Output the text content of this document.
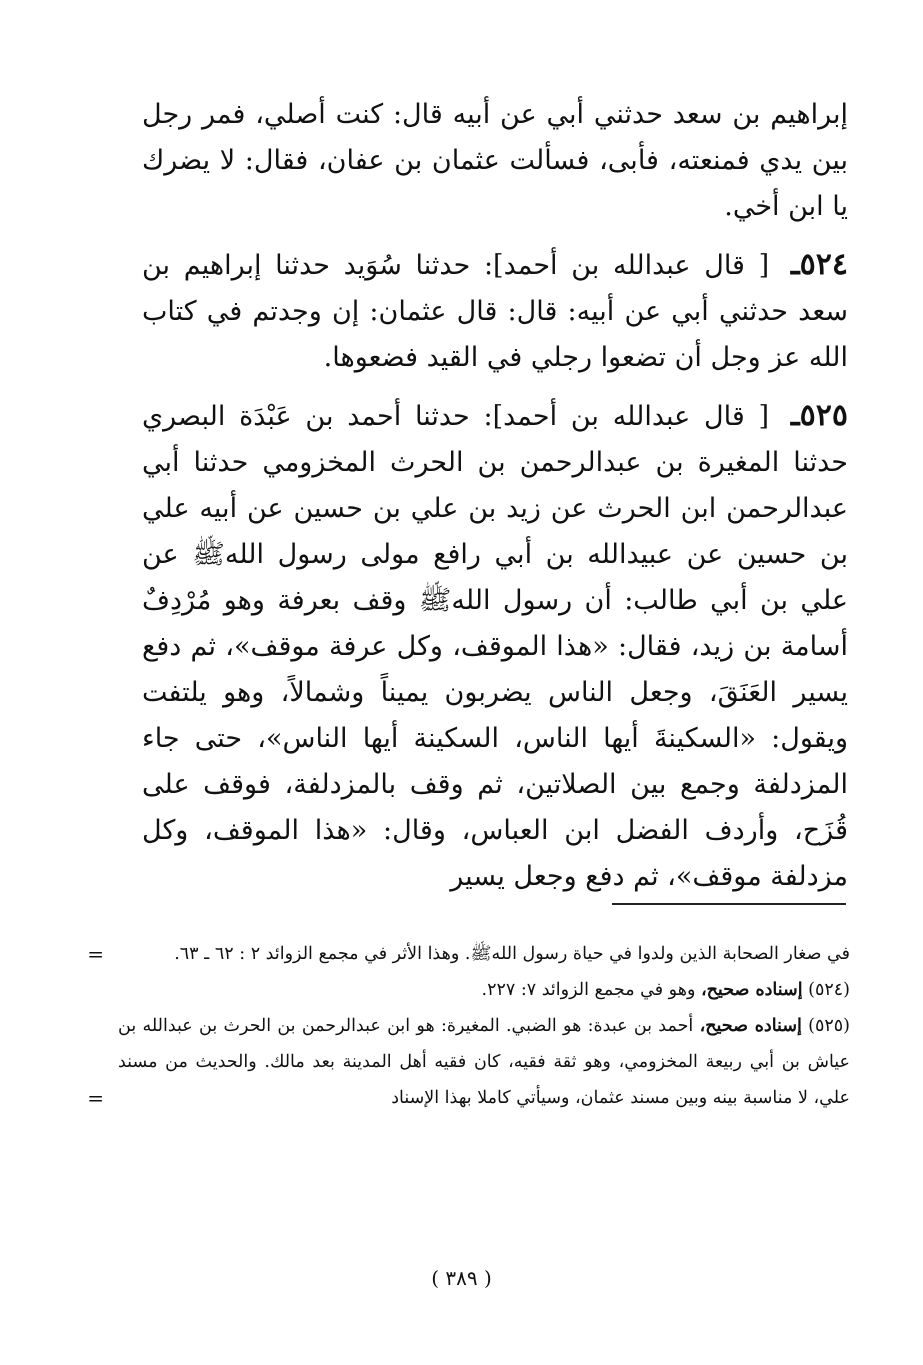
إبراهيم بن سعد حدثني أبي عن أبيه قال: كنت أصلي، فمر رجل بين يدي فمنعته، فأبى، فسألت عثمان بن عفان، فقال: لا يضرك يا ابن أخي.

٥٢٤ـ [ قال عبدالله بن أحمد]: حدثنا سُوَيد حدثنا إبراهيم بن سعد حدثني أبي عن أبيه: قال: قال عثمان: إن وجدتم في كتاب الله عز وجل أن تضعوا رجلي في القيد فضعوها.

٥٢٥ـ [ قال عبدالله بن أحمد]: حدثنا أحمد بن عَبْدَة البصري حدثنا المغيرة بن عبدالرحمن بن الحرث المخزومي حدثنا أبي عبدالرحمن ابن الحرث عن زيد بن علي بن حسين عن أبيه علي بن حسين عن عبيدالله بن أبي رافع مولى رسول اللهﷺ عن علي بن أبي طالب: أن رسول اللهﷺ وقف بعرفة وهو مُرْدِفٌ أسامة بن زيد، فقال: «هذا الموقف، وكل عرفة موقف»، ثم دفع يسير العَنَقَ، وجعل الناس يضربون يميناً وشمالاً، وهو يلتفت ويقول: «السكينةَ أيها الناس، السكينة أيها الناس»، حتى جاء المزدلفة وجمع بين الصلاتين، ثم وقف بالمزدلفة، فوقف على قُزَح، وأردف الفضل ابن العباس، وقال: «هذا الموقف، وكل مزدلفة موقف»، ثم دفع وجعل يسير

=	في صغار الصحابة الذين ولدوا في حياة رسول اللهﷺ. وهذا الأثر في مجمع الزوائد ٢ : ٦٢ ـ ٦٣.

(٥٢٤) إسناده صحيح، وهو في مجمع الزوائد ٧: ٢٢٧.

(٥٢٥) إسناده صحيح، أحمد بن عبدة: هو الضبي. المغيرة: هو ابن عبدالرحمن بن الحرث بن عبدالله بن عياش بن أبي ربيعة المخزومي، وهو ثقة فقيه، كان فقيه أهل المدينة بعد مالك. والحديث من مسند علي، لا مناسبة بينه وبين مسند عثمان، وسيأتي كاملا بهذا الإسناد
=

( ٣٨٩ )
